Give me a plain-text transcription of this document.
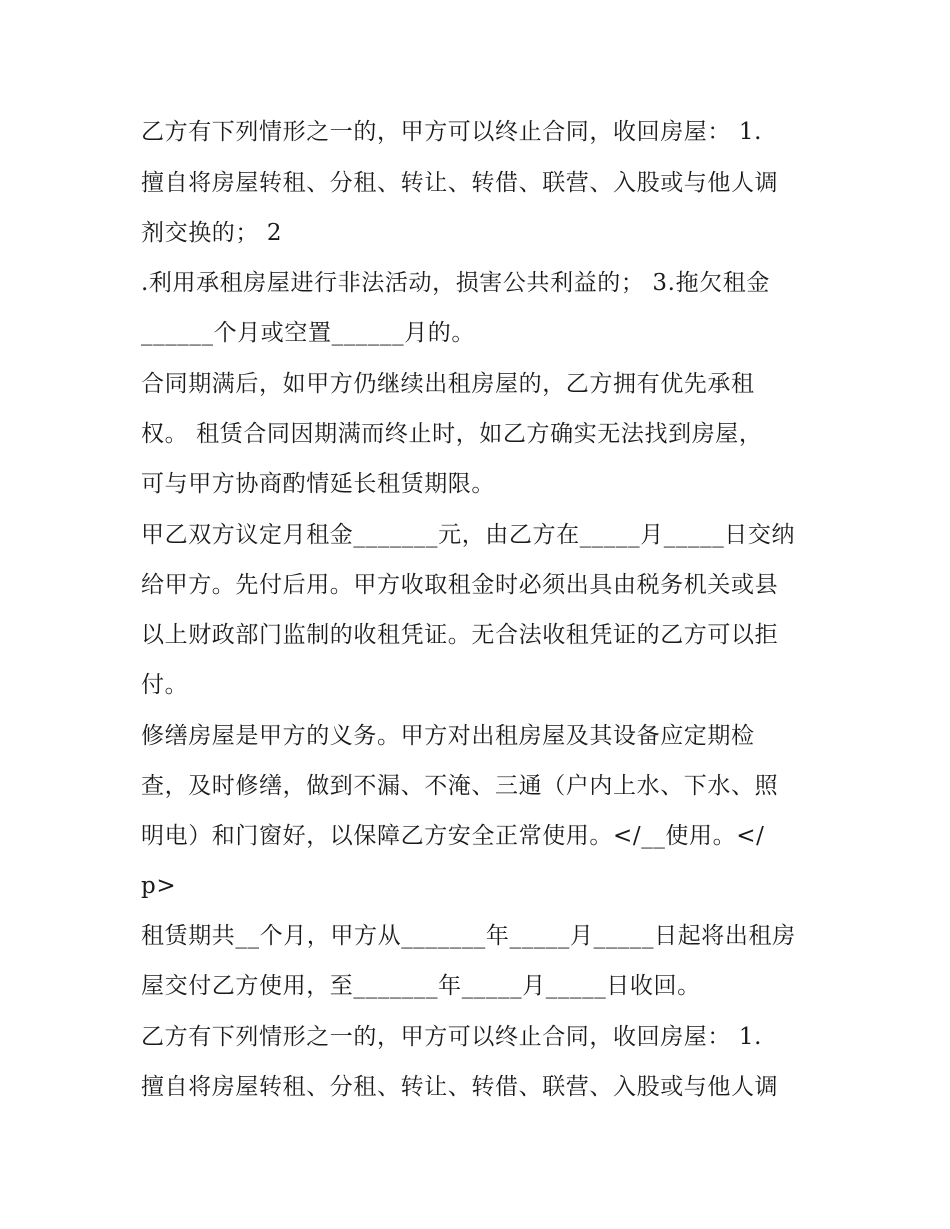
乙方有下列情形之一的，甲方可以终止合同，收回房屋： 1.
擅自将房屋转租、分租、转让、转借、联营、入股或与他人调
剂交换的； 2
.利用承租房屋进行非法活动，损害公共利益的； 3.拖欠租金
______个月或空置______月的。
合同期满后，如甲方仍继续出租房屋的，乙方拥有优先承租
权。 租赁合同因期满而终止时，如乙方确实无法找到房屋，
可与甲方协商酌情延长租赁期限。
甲乙双方议定月租金_______元，由乙方在_____月_____日交纳
给甲方。先付后用。甲方收取租金时必须出具由税务机关或县
以上财政部门监制的收租凭证。无合法收租凭证的乙方可以拒
付。
修缮房屋是甲方的义务。甲方对出租房屋及其设备应定期检
查，及时修缮，做到不漏、不淹、三通（户内上水、下水、照
明电）和门窗好，以保障乙方安全正常使用。</__使用。</
p>
租赁期共__个月，甲方从_______年_____月_____日起将出租房
屋交付乙方使用，至_______年_____月_____日收回。
乙方有下列情形之一的，甲方可以终止合同，收回房屋： 1.
擅自将房屋转租、分租、转让、转借、联营、入股或与他人调
